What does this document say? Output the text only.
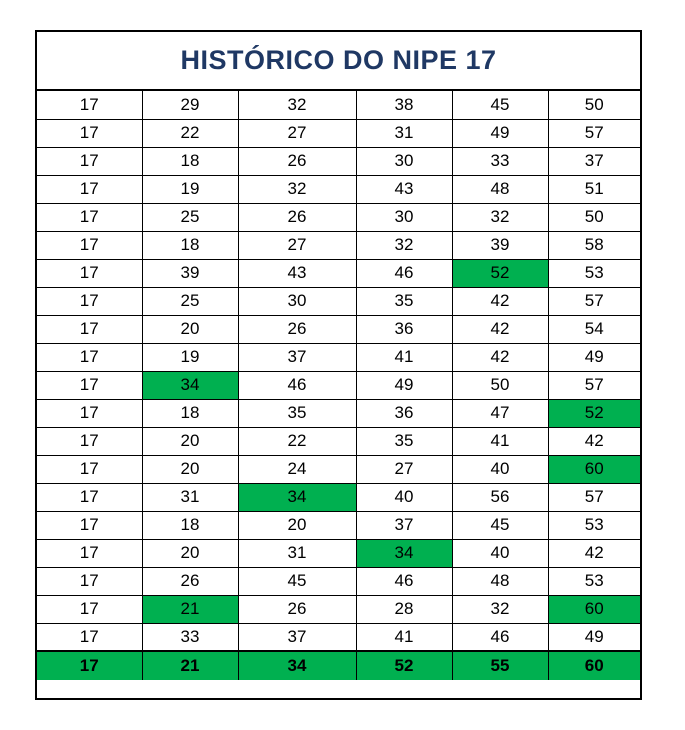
HISTÓRICO DO NIPE 17
17	29	32	38	45	50
17	22	27	31	49	57
17	18	26	30	33	37
17	19	32	43	48	51
17	25	26	30	32	50
17	18	27	32	39	58
17	39	43	46	52	53
17	25	30	35	42	57
17	20	26	36	42	54
17	19	37	41	42	49
17	34	46	49	50	57
17	18	35	36	47	52
17	20	22	35	41	42
17	20	24	27	40	60
17	31	34	40	56	57
17	18	20	37	45	53
17	20	31	34	40	42
17	26	45	46	48	53
17	21	26	28	32	60
17	33	37	41	46	49
17	21	34	52	55	60
